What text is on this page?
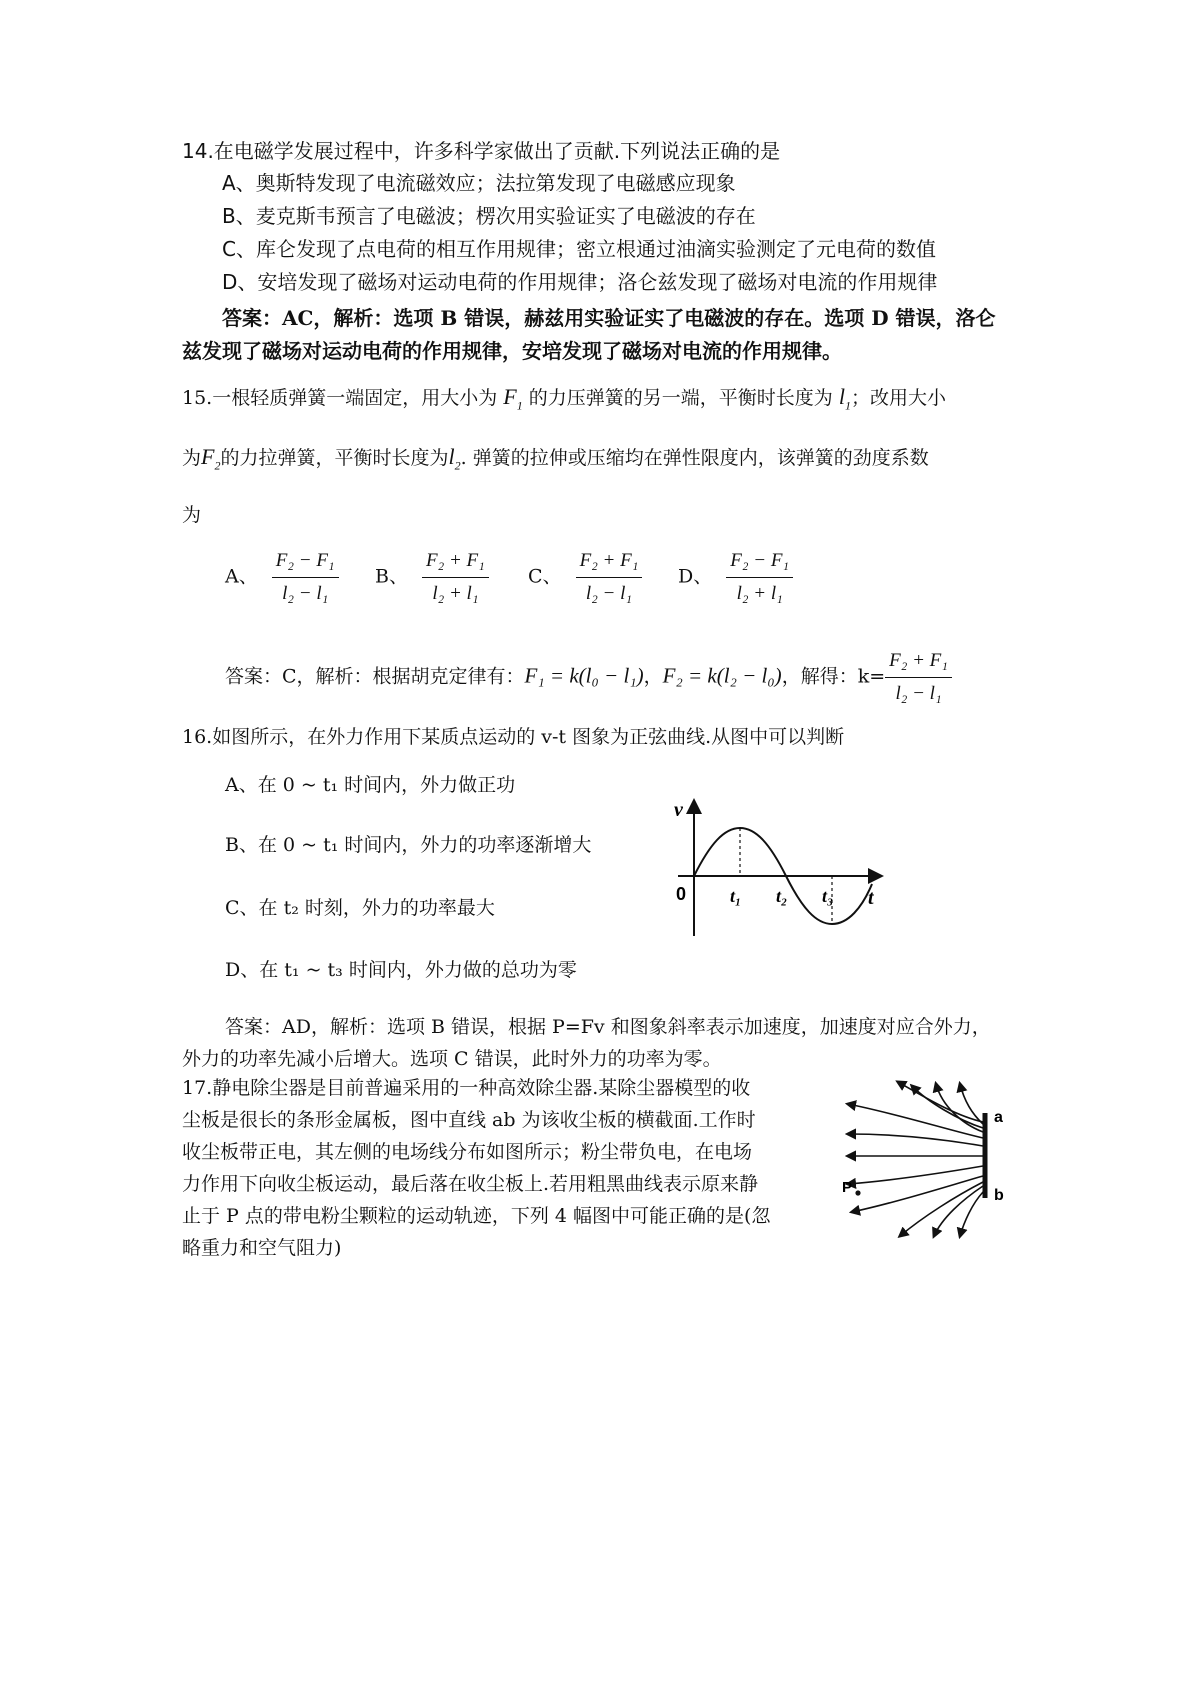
14.在电磁学发展过程中，许多科学家做出了贡献.下列说法正确的是
A、奥斯特发现了电流磁效应；法拉第发现了电磁感应现象
B、麦克斯韦预言了电磁波；楞次用实验证实了电磁波的存在
C、库仑发现了点电荷的相互作用规律；密立根通过油滴实验测定了元电荷的数值
D、安培发现了磁场对运动电荷的作用规律；洛仑兹发现了磁场对电流的作用规律
答案：AC，解析：选项 B 错误，赫兹用实验证实了电磁波的存在。选项 D 错误，洛仑
兹发现了磁场对运动电荷的作用规律，安培发现了磁场对电流的作用规律。
15.一根轻质弹簧一端固定，用大小为 $F_1$ 的力压弹簧的另一端，平衡时长度为 $l_1$；改用大小
为$F_2$的力拉弹簧，平衡时长度为$l_2$. 弹簧的拉伸或压缩均在弹性限度内，该弹簧的劲度系数
为
A、 $\frac{\text{F₂ − F₁}}{\text{l₂ − l₁}}$ B、 $\frac{\text{F₂ + F₁}}{\text{l₂ + l₁}}$ C、 $\frac{\text{F₂ + F₁}}{\text{l₂ − l₁}}$ D、 $\frac{\text{F₂ − F₁}}{\text{l₂ + l₁}}$
答案：C，解析：根据胡克定律有：F₁ = k(l₀ − l₁)，F₂ = k(l₂ − l₀)，解得：$k= \frac{\text{F₂ + F₁}}{\text{l₂ − l₁}}$
16.如图所示，在外力作用下某质点运动的 v-t 图象为正弦曲线.从图中可以判断
A、在 0 ~ t₁ 时间内，外力做正功
B、在 0 ~ t₁ 时间内，外力的功率逐渐增大
C、在 t₂ 时刻，外力的功率最大
D、在 t₁ ~ t₃ 时间内，外力做的总功为零
v
t
0 t₁ t₂ t₃
答案：AD，解析：选项 B 错误，根据 P=Fv 和图象斜率表示加速度，加速度对应合外力，
外力的功率先减小后增大。选项 C 错误，此时外力的功率为零。
17.静电除尘器是目前普遍采用的一种高效除尘器.某除尘器模型的收
尘板是很长的条形金属板，图中直线 ab 为该收尘板的横截面.工作时
收尘板带正电，其左侧的电场线分布如图所示；粉尘带负电，在电场
力作用下向收尘板运动，最后落在收尘板上.若用粗黑曲线表示原来静
止于 P 点的带电粉尘颗粒的运动轨迹，下列 4 幅图中可能正确的是(忽
略重力和空气阻力)
P
a
b
